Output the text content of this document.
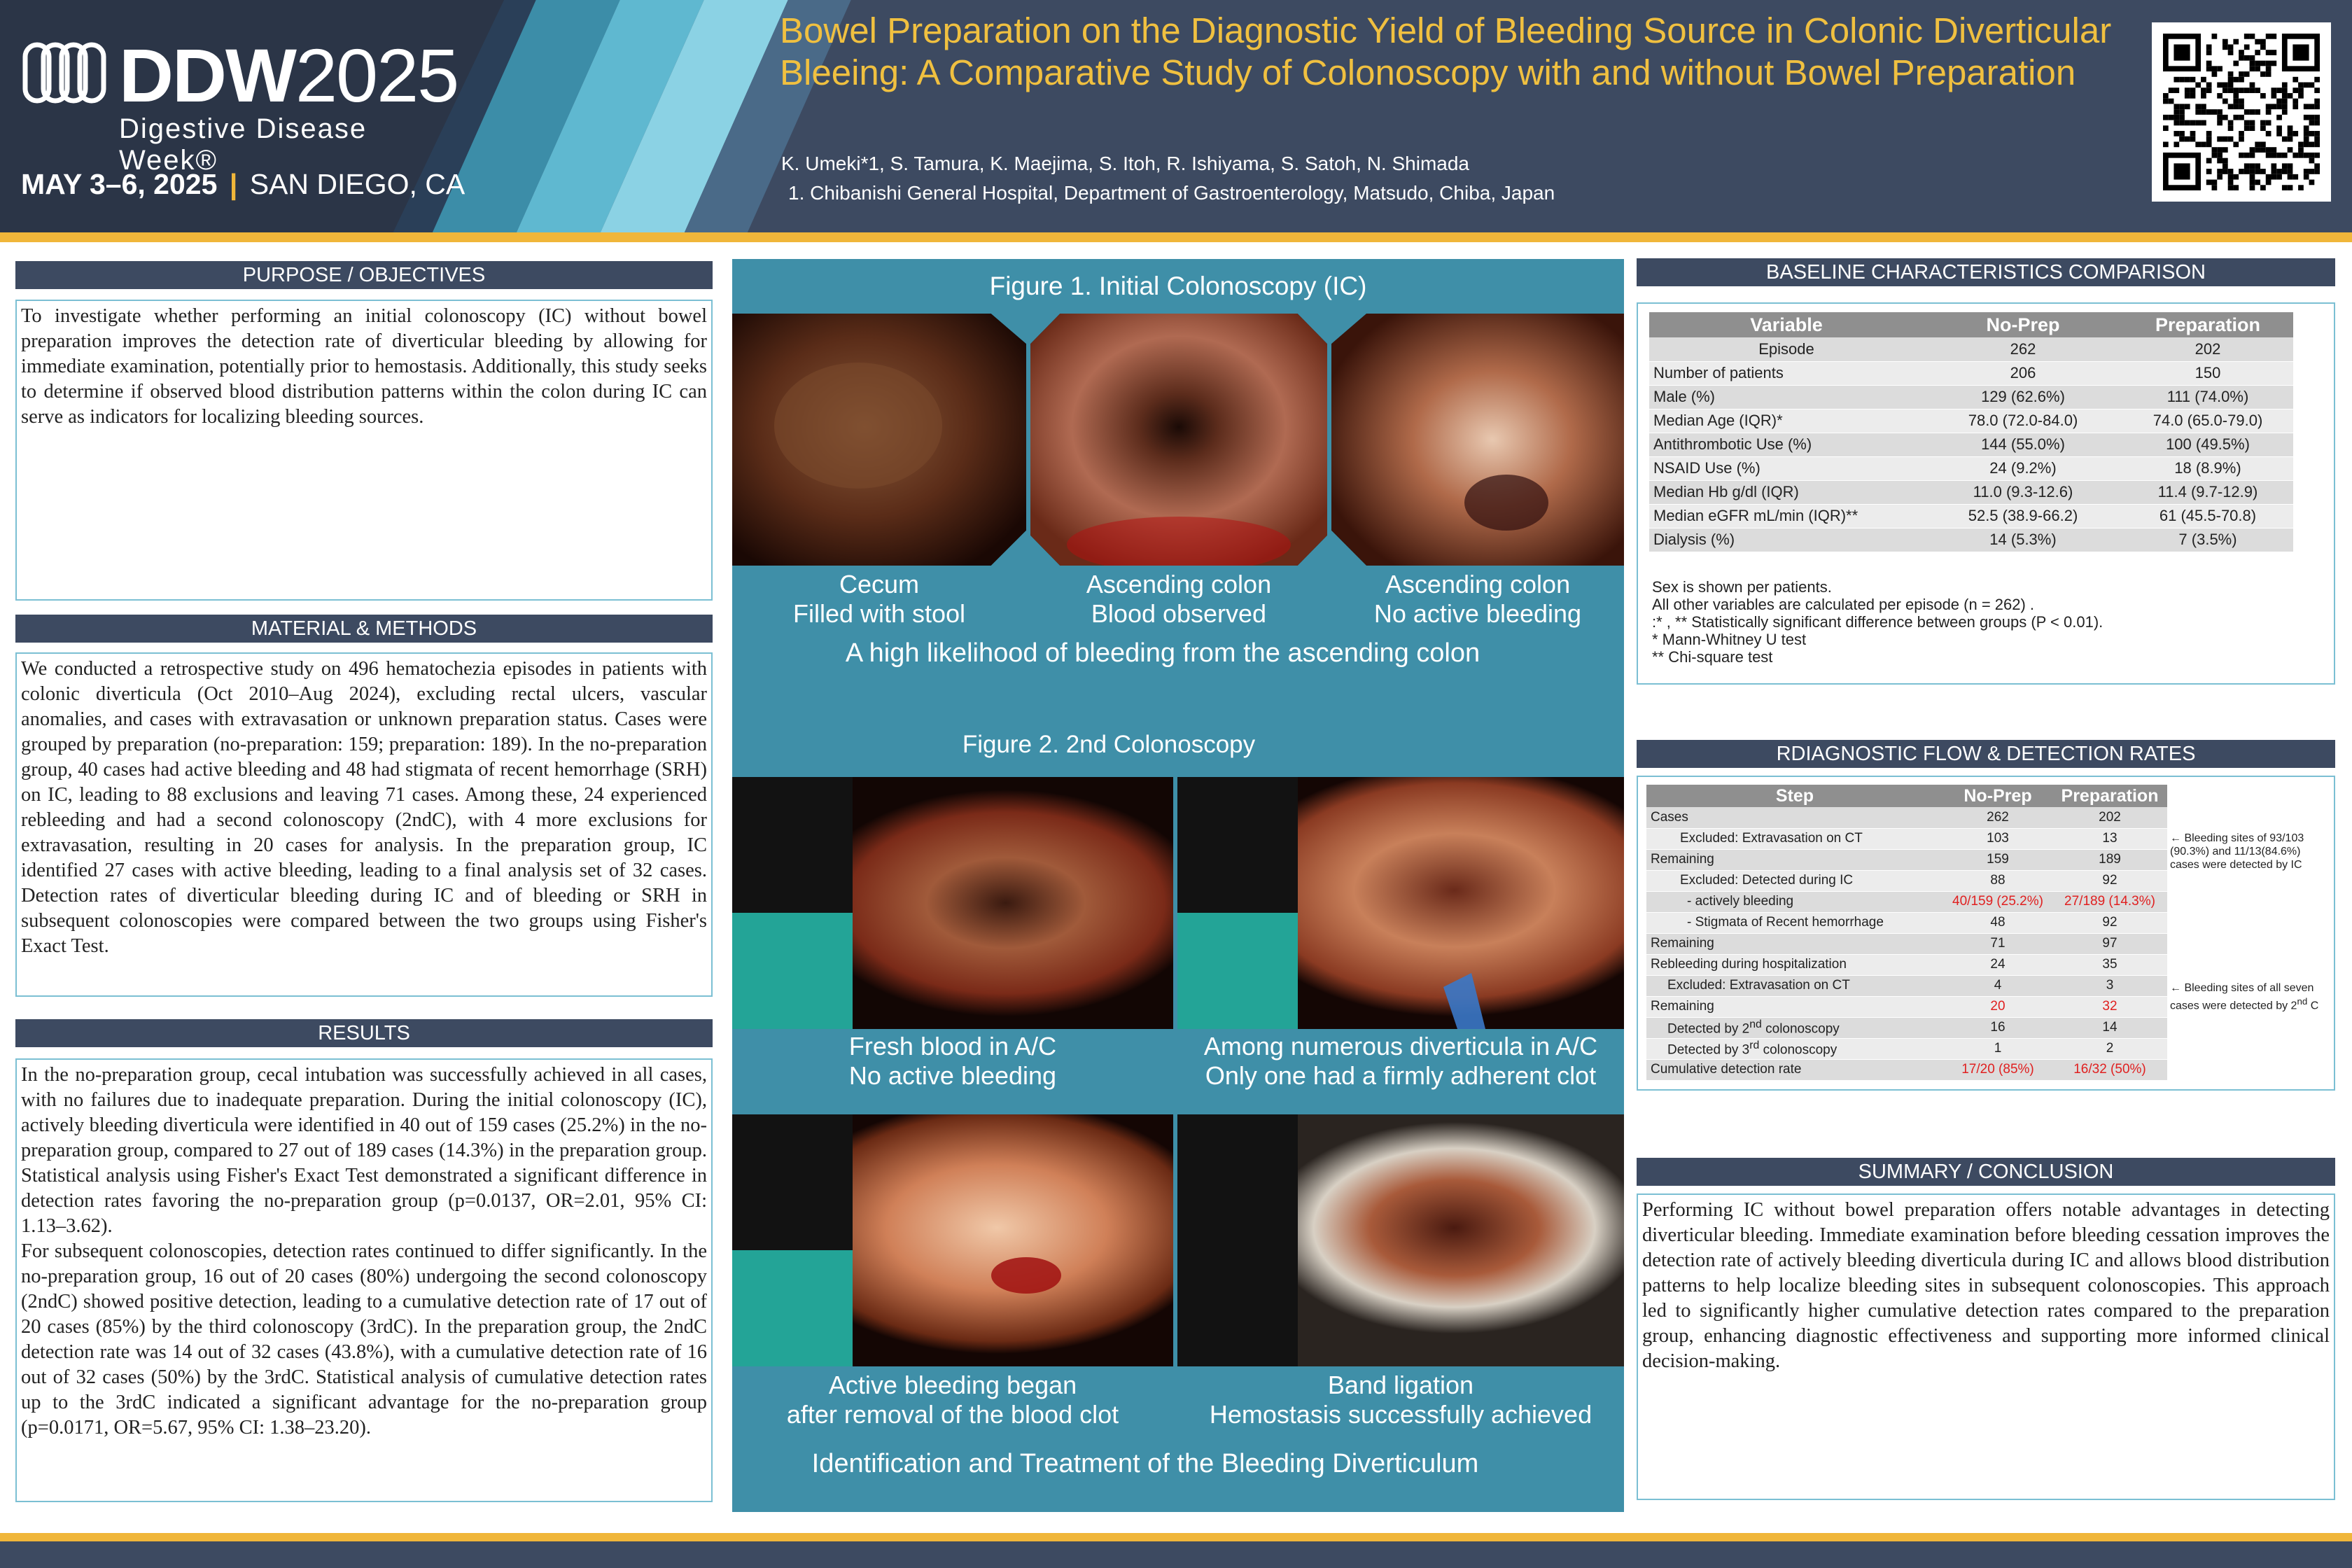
DDW2025
Digestive Disease Week®
MAY 3–6, 2025 | SAN DIEGO, CA
Bowel Preparation on the Diagnostic Yield of Bleeding Source in Colonic Diverticular Bleeing: A Comparative Study of Colonoscopy with and without Bowel Preparation
K. Umeki*1, S. Tamura, K. Maejima, S. Itoh, R. Ishiyama, S. Satoh, N. Shimada
1. Chibanishi General Hospital, Department of Gastroenterology, Matsudo, Chiba, Japan
PURPOSE / OBJECTIVES
To investigate whether performing an initial colonoscopy (IC) without bowel preparation improves the detection rate of diverticular bleeding by allowing for immediate examination, potentially prior to hemostasis. Additionally, this study seeks to determine if observed blood distribution patterns within the colon during IC can serve as indicators for localizing bleeding sources.
MATERIAL & METHODS
We conducted a retrospective study on 496 hematochezia episodes in patients with colonic diverticula (Oct 2010–Aug 2024), excluding rectal ulcers, vascular anomalies, and cases with extravasation or unknown preparation status. Cases were grouped by preparation (no-preparation: 159; preparation: 189). In the no-preparation group, 40 cases had active bleeding and 48 had stigmata of recent hemorrhage (SRH) on IC, leading to 88 exclusions and leaving 71 cases. Among these, 24 experienced rebleeding and had a second colonoscopy (2ndC), with 4 more exclusions for extravasation, resulting in 20 cases for analysis. In the preparation group, IC identified 27 cases with active bleeding, leading to a final analysis set of 32 cases. Detection rates of diverticular bleeding during IC and of bleeding or SRH in subsequent colonoscopies were compared between the two groups using Fisher's Exact Test.
RESULTS
In the no-preparation group, cecal intubation was successfully achieved in all cases, with no failures due to inadequate preparation. During the initial colonoscopy (IC), actively bleeding diverticula were identified in 40 out of 159 cases (25.2%) in the no-preparation group, compared to 27 out of 189 cases (14.3%) in the preparation group. Statistical analysis using Fisher's Exact Test demonstrated a significant difference in detection rates favoring the no-preparation group (p=0.0137, OR=2.01, 95% CI: 1.13–3.62).
For subsequent colonoscopies, detection rates continued to differ significantly. In the no-preparation group, 16 out of 20 cases (80%) undergoing the second colonoscopy (2ndC) showed positive detection, leading to a cumulative detection rate of 17 out of 20 cases (85%) by the third colonoscopy (3rdC). In the preparation group, the 2ndC detection rate was 14 out of 32 cases (43.8%), with a cumulative detection rate of 16 out of 32 cases (50%) by the 3rdC. Statistical analysis of cumulative detection rates up to the 3rdC indicated a significant advantage for the no-preparation group (p=0.0171, OR=5.67, 95% CI: 1.38–23.20).
Figure 1. Initial Colonoscopy (IC)
Cecum
Filled with stool
Ascending colon
Blood observed
Ascending colon
No active bleeding
A high likelihood of bleeding from the ascending colon
Figure 2. 2nd Colonoscopy
Fresh blood in A/C
No active bleeding
Among numerous diverticula in A/C
Only one had a firmly adherent clot
Active bleeding began
after removal of the blood clot
Band ligation
Hemostasis successfully achieved
Identification and Treatment of the Bleeding Diverticulum
BASELINE CHARACTERISTICS COMPARISON
Variable	No-Prep	Preparation
Episode	262	202
Number of patients	206	150
Male (%)	129 (62.6%)	111 (74.0%)
Median Age (IQR)*	78.0 (72.0-84.0)	74.0 (65.0-79.0)
Antithrombotic Use (%)	144 (55.0%)	100 (49.5%)
NSAID Use (%)	24 (9.2%)	18 (8.9%)
Median Hb g/dl (IQR)	11.0 (9.3-12.6)	11.4 (9.7-12.9)
Median eGFR mL/min (IQR)**	52.5 (38.9-66.2)	61 (45.5-70.8)
Dialysis (%)	14 (5.3%)	7 (3.5%)
Sex is shown per patients.
All other variables are calculated per episode (n = 262) .
:* , ** Statistically significant difference between groups (P < 0.01).
* Mann-Whitney U test
** Chi-square test
RDIAGNOSTIC FLOW & DETECTION RATES
Step	No-Prep	Preparation
Cases	262	202
Excluded: Extravasation on CT	103	13
Remaining	159	189
Excluded: Detected during IC	88	92
- actively bleeding	40/159 (25.2%)	27/189 (14.3%)
- Stigmata of Recent hemorrhage	48	92
Remaining	71	97
Rebleeding during hospitalization	24	35
Excluded: Extravasation on CT	4	3
Remaining	20	32
Detected by 2nd colonoscopy	16	14
Detected by 3rd colonoscopy	1	2
Cumulative detection rate	17/20 (85%)	16/32 (50%)
← Bleeding sites of 93/103 (90.3%) and 11/13(84.6%) cases were detected by IC
← Bleeding sites of all seven cases were detected by 2nd C
SUMMARY / CONCLUSION
Performing IC without bowel preparation offers notable advantages in detecting diverticular bleeding. Immediate examination before bleeding cessation improves the detection rate of actively bleeding diverticula during IC and allows blood distribution patterns to help localize bleeding sites in subsequent colonoscopies. This approach led to significantly higher cumulative detection rates compared to the preparation group, enhancing diagnostic effectiveness and supporting more informed clinical decision-making.
